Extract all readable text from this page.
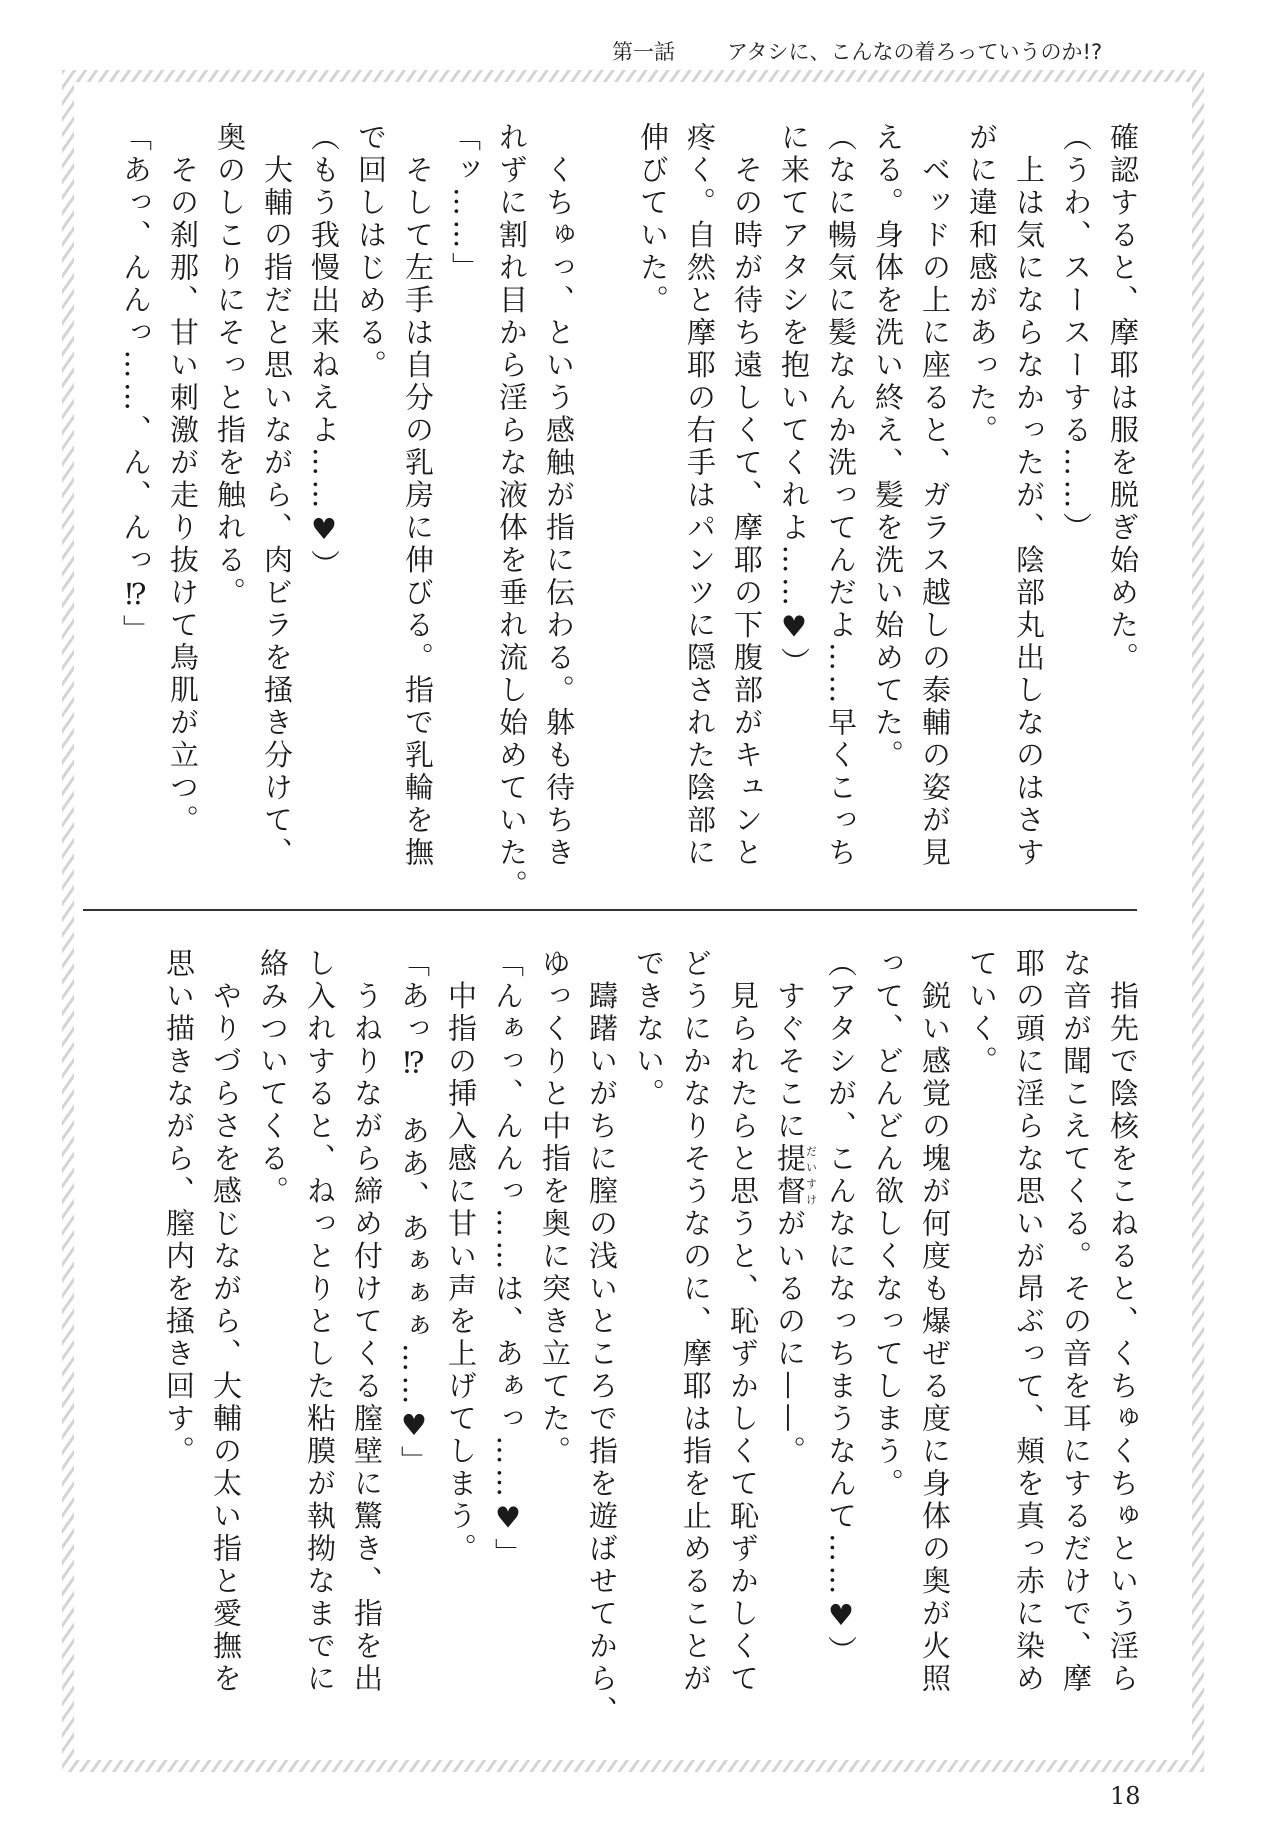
第一話 アタシに、こんなの着ろっていうのか!?
確認すると、摩耶は服を脱ぎ始めた。
（うわ、スースーする……）
　上は気にならなかったが、陰部丸出しなのはさす
がに違和感があった。
　ベッドの上に座ると、ガラス越しの泰輔の姿が見
える。身体を洗い終え、髪を洗い始めてた。
（なに暢気に髪なんか洗ってんだよ……早くこっち
に来てアタシを抱いてくれよ……♥）
　その時が待ち遠しくて、摩耶の下腹部がキュンと
疼く。自然と摩耶の右手はパンツに隠された陰部に
伸びていた。
　くちゅっ、という感触が指に伝わる。躰も待ちき
れずに割れ目から淫らな液体を垂れ流し始めていた。
「ッ……」
　そして左手は自分の乳房に伸びる。指で乳輪を撫
で回しはじめる。
（もう我慢出来ねえよ……♥）
　大輔の指だと思いながら、肉ビラを掻き分けて、
奥のしこりにそっと指を触れる。
　その刹那、甘い刺激が走り抜けて鳥肌が立つ。
「あっ、んんっ……、ん、んっ⁉」
　指先で陰核をこねると、くちゅくちゅという淫ら
な音が聞こえてくる。その音を耳にするだけで、摩
耶の頭に淫らな思いが昂ぶって、頬を真っ赤に染め
ていく。
　鋭い感覚の塊が何度も爆ぜる度に身体の奥が火照
って、どんどん欲しくなってしまう。
（アタシが、こんなになっちまうなんて……♥）
　すぐそこに提督だいすけがいるのに——。
　見られたらと思うと、恥ずかしくて恥ずかしくて
どうにかなりそうなのに、摩耶は指を止めることが
できない。
　躊躇いがちに膣の浅いところで指を遊ばせてから、
ゆっくりと中指を奥に突き立てた。
「んぁっ、んんっ……は、あぁっ……♥」
　中指の挿入感に甘い声を上げてしまう。
「あっ⁉　ああ、あぁぁぁ……♥」
　うねりながら締め付けてくる膣壁に驚き、指を出
し入れすると、ねっとりとした粘膜が執拗なまでに
絡みついてくる。
　やりづらさを感じながら、大輔の太い指と愛撫を
思い描きながら、膣内を掻き回す。
18
